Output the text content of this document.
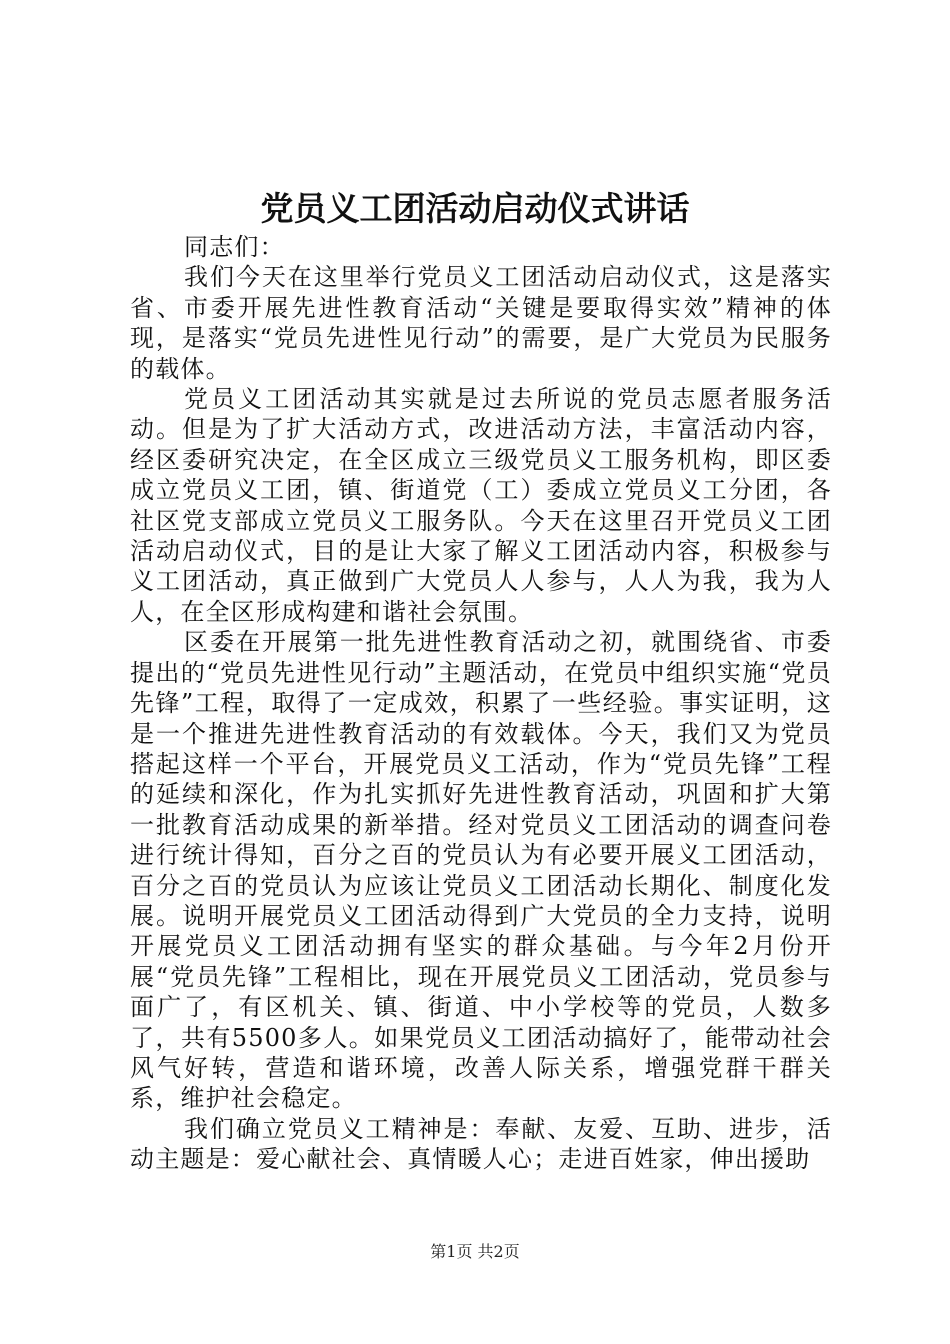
党员义工团活动启动仪式讲话

同志们：

我们今天在这里举行党员义工团活动启动仪式，这是落实省、市委开展先进性教育活动“关键是要取得实效”精神的体现，是落实“党员先进性见行动”的需要，是广大党员为民服务的载体。

党员义工团活动其实就是过去所说的党员志愿者服务活动。但是为了扩大活动方式，改进活动方法，丰富活动内容，经区委研究决定，在全区成立三级党员义工服务机构，即区委成立党员义工团，镇、街道党（工）委成立党员义工分团，各社区党支部成立党员义工服务队。今天在这里召开党员义工团活动启动仪式，目的是让大家了解义工团活动内容，积极参与义工团活动，真正做到广大党员人人参与，人人为我，我为人人，在全区形成构建和谐社会氛围。

区委在开展第一批先进性教育活动之初，就围绕省、市委提出的“党员先进性见行动”主题活动，在党员中组织实施“党员先锋”工程，取得了一定成效，积累了一些经验。事实证明，这是一个推进先进性教育活动的有效载体。今天，我们又为党员搭起这样一个平台，开展党员义工活动，作为“党员先锋”工程的延续和深化，作为扎实抓好先进性教育活动，巩固和扩大第一批教育活动成果的新举措。经对党员义工团活动的调查问卷进行统计得知，百分之百的党员认为有必要开展义工团活动，百分之百的党员认为应该让党员义工团活动长期化、制度化发展。说明开展党员义工团活动得到广大党员的全力支持，说明开展党员义工团活动拥有坚实的群众基础。与今年2月份开展“党员先锋”工程相比，现在开展党员义工团活动，党员参与面广了，有区机关、镇、街道、中小学校等的党员，人数多了，共有5500多人。如果党员义工团活动搞好了，能带动社会风气好转，营造和谐环境，改善人际关系，增强党群干群关系，维护社会稳定。

我们确立党员义工精神是：奉献、友爱、互助、进步，活动主题是：爱心献社会、真情暖人心；走进百姓家，伸出援助

第1页 共2页
